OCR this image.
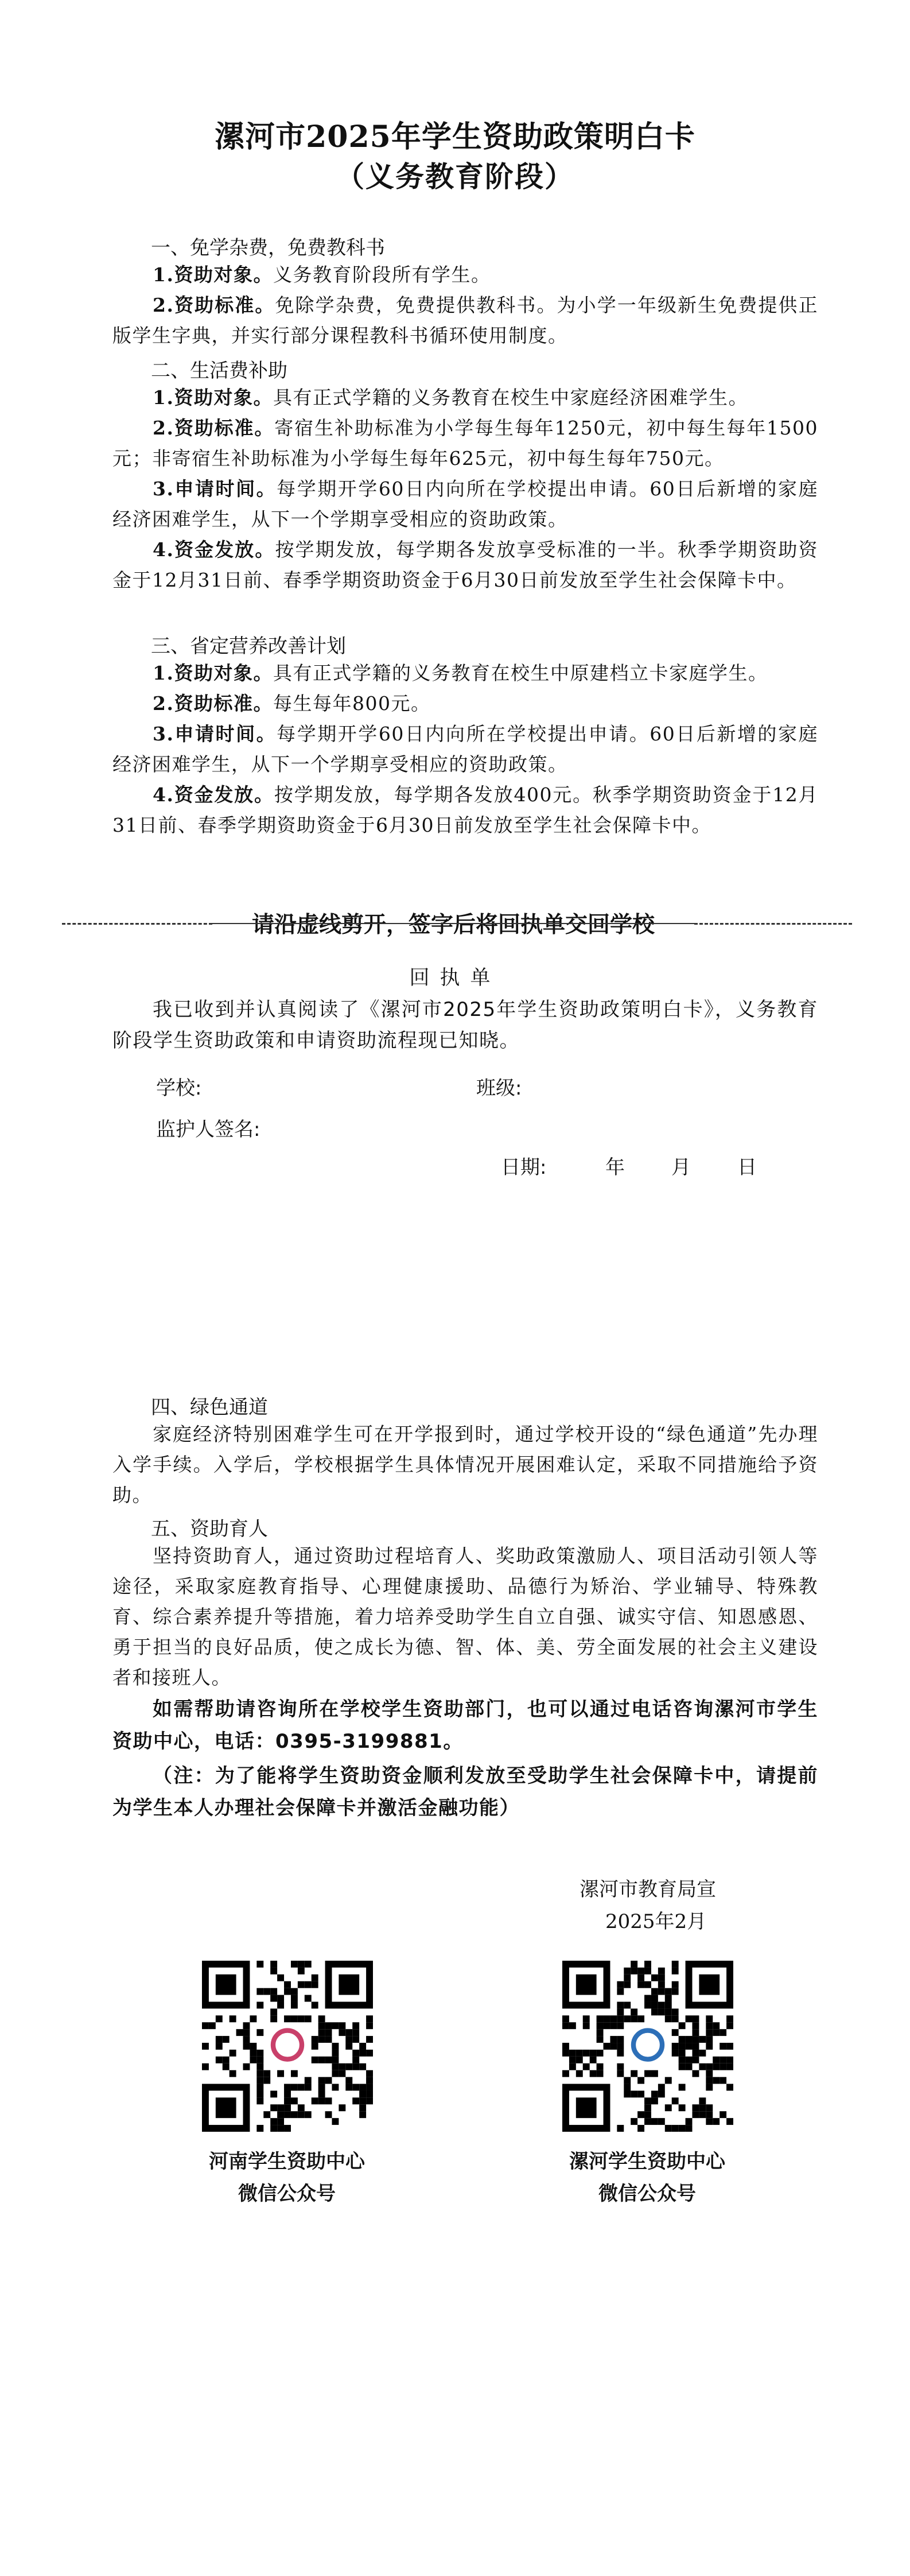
漯河市2025年学生资助政策明白卡
（义务教育阶段）
一、免学杂费，免费教科书

1.资助对象。义务教育阶段所有学生。

2.资助标准。免除学杂费，免费提供教科书。为小学一年级新生免费提供正版学生字典，并实行部分课程教科书循环使用制度。

二、生活费补助

1.资助对象。具有正式学籍的义务教育在校生中家庭经济困难学生。

2.资助标准。寄宿生补助标准为小学每生每年1250元，初中每生每年1500元；非寄宿生补助标准为小学每生每年625元，初中每生每年750元。

3.申请时间。每学期开学60日内向所在学校提出申请。60日后新增的家庭经济困难学生，从下一个学期享受相应的资助政策。

4.资金发放。按学期发放，每学期各发放享受标准的一半。秋季学期资助资金于12月31日前、春季学期资助资金于6月30日前发放至学生社会保障卡中。

三、省定营养改善计划

1.资助对象。具有正式学籍的义务教育在校生中原建档立卡家庭学生。

2.资助标准。每生每年800元。

3.申请时间。每学期开学60日内向所在学校提出申请。60日后新增的家庭经济困难学生，从下一个学期享受相应的资助政策。

4.资金发放。按学期发放，每学期各发放400元。秋季学期资助资金于12月31日前、春季学期资助资金于6月30日前发放至学生社会保障卡中。

请沿虚线剪开，签字后将回执单交回学校
回执单

我已收到并认真阅读了《漯河市2025年学生资助政策明白卡》，义务教育阶段学生资助政策和申请资助流程现已知晓。

学校:	班级:
监护人签名:
日期:	年 月 日
四、绿色通道

家庭经济特别困难学生可在开学报到时，通过学校开设的“绿色通道”先办理入学手续。入学后，学校根据学生具体情况开展困难认定，采取不同措施给予资助。

五、资助育人

坚持资助育人，通过资助过程培育人、奖助政策激励人、项目活动引领人等途径，采取家庭教育指导、心理健康援助、品德行为矫治、学业辅导、特殊教育、综合素养提升等措施，着力培养受助学生自立自强、诚实守信、知恩感恩、勇于担当的良好品质，使之成长为德、智、体、美、劳全面发展的社会主义建设者和接班人。

如需帮助请咨询所在学校学生资助部门，也可以通过电话咨询漯河市学生资助中心，电话：0395-3199881。

（注：为了能将学生资助资金顺利发放至受助学生社会保障卡中，请提前为学生本人办理社会保障卡并激活金融功能）

漯河市教育局宣
2025年2月
河南学生资助中心
微信公众号
漯河学生资助中心
微信公众号
